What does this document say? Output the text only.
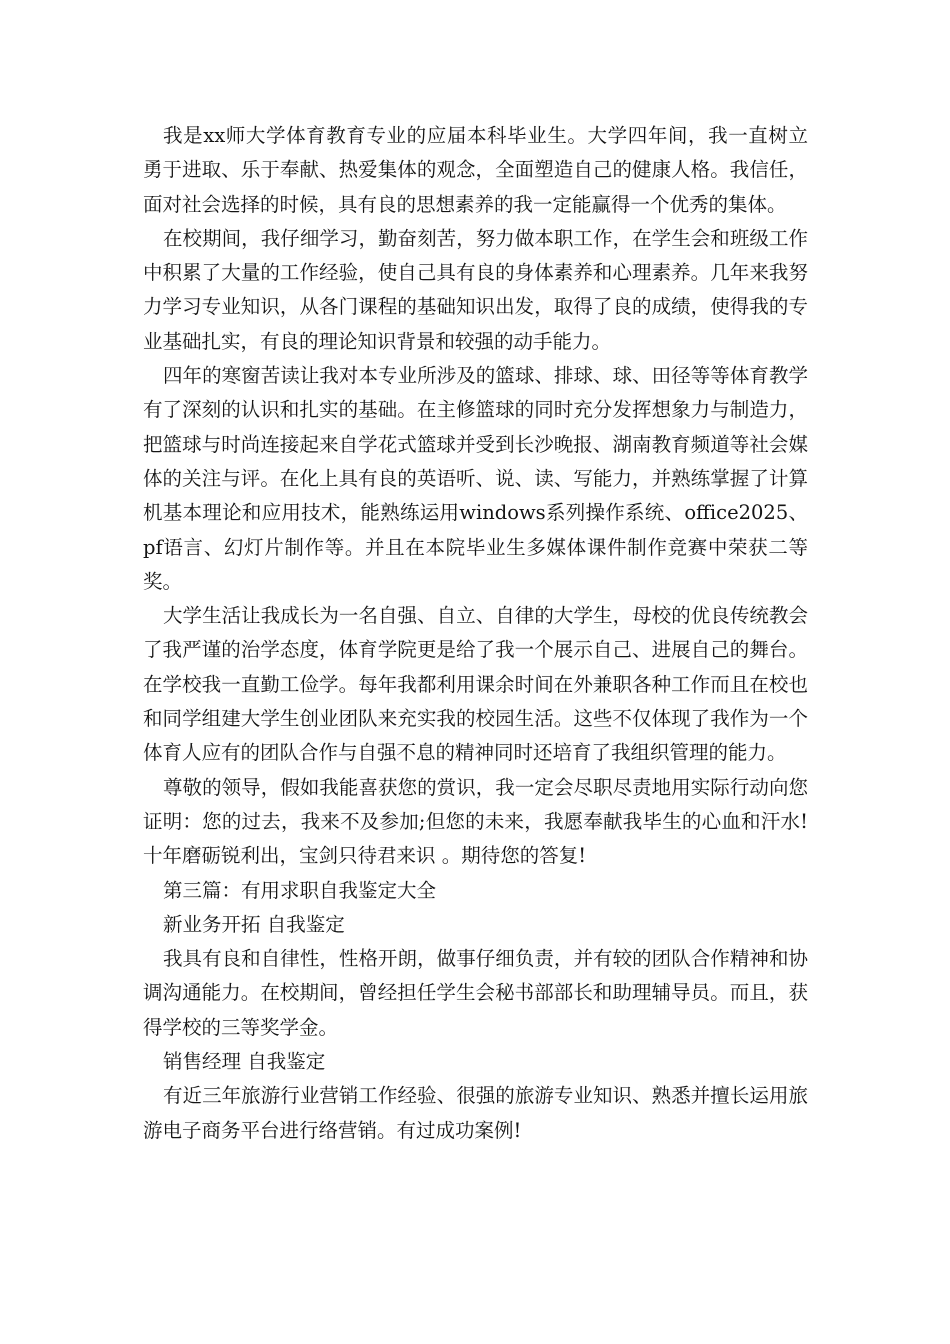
我是xx师大学体育教育专业的应届本科毕业生。大学四年间，我一直树立勇于进取、乐于奉献、热爱集体的观念，全面塑造自己的健康人格。我信任，面对社会选择的时候，具有良的思想素养的我一定能赢得一个优秀的集体。

在校期间，我仔细学习，勤奋刻苦，努力做本职工作，在学生会和班级工作中积累了大量的工作经验，使自己具有良的身体素养和心理素养。几年来我努力学习专业知识，从各门课程的基础知识出发，取得了良的成绩，使得我的专业基础扎实，有良的理论知识背景和较强的动手能力。

四年的寒窗苦读让我对本专业所涉及的篮球、排球、球、田径等等体育教学有了深刻的认识和扎实的基础。在主修篮球的同时充分发挥想象力与制造力，把篮球与时尚连接起来自学花式篮球并受到长沙晚报、湖南教育频道等社会媒体的关注与评。在化上具有良的英语听、说、读、写能力，并熟练掌握了计算机基本理论和应用技术，能熟练运用windows系列操作系统、office2025、pf语言、幻灯片制作等。并且在本院毕业生多媒体课件制作竞赛中荣获二等奖。

大学生活让我成长为一名自强、自立、自律的大学生，母校的优良传统教会了我严谨的治学态度，体育学院更是给了我一个展示自己、进展自己的舞台。在学校我一直勤工俭学。每年我都利用课余时间在外兼职各种工作而且在校也和同学组建大学生创业团队来充实我的校园生活。这些不仅体现了我作为一个体育人应有的团队合作与自强不息的精神同时还培育了我组织管理的能力。

尊敬的领导，假如我能喜获您的赏识，我一定会尽职尽责地用实际行动向您证明：您的过去，我来不及参加;但您的未来，我愿奉献我毕生的心血和汗水!十年磨砺锐利出，宝剑只待君来识 。期待您的答复!

第三篇：有用求职自我鉴定大全

新业务开拓 自我鉴定

我具有良和自律性，性格开朗，做事仔细负责，并有较的团队合作精神和协调沟通能力。在校期间，曾经担任学生会秘书部部长和助理辅导员。而且，获得学校的三等奖学金。

销售经理 自我鉴定

有近三年旅游行业营销工作经验、很强的旅游专业知识、熟悉并擅长运用旅游电子商务平台进行络营销。有过成功案例!
